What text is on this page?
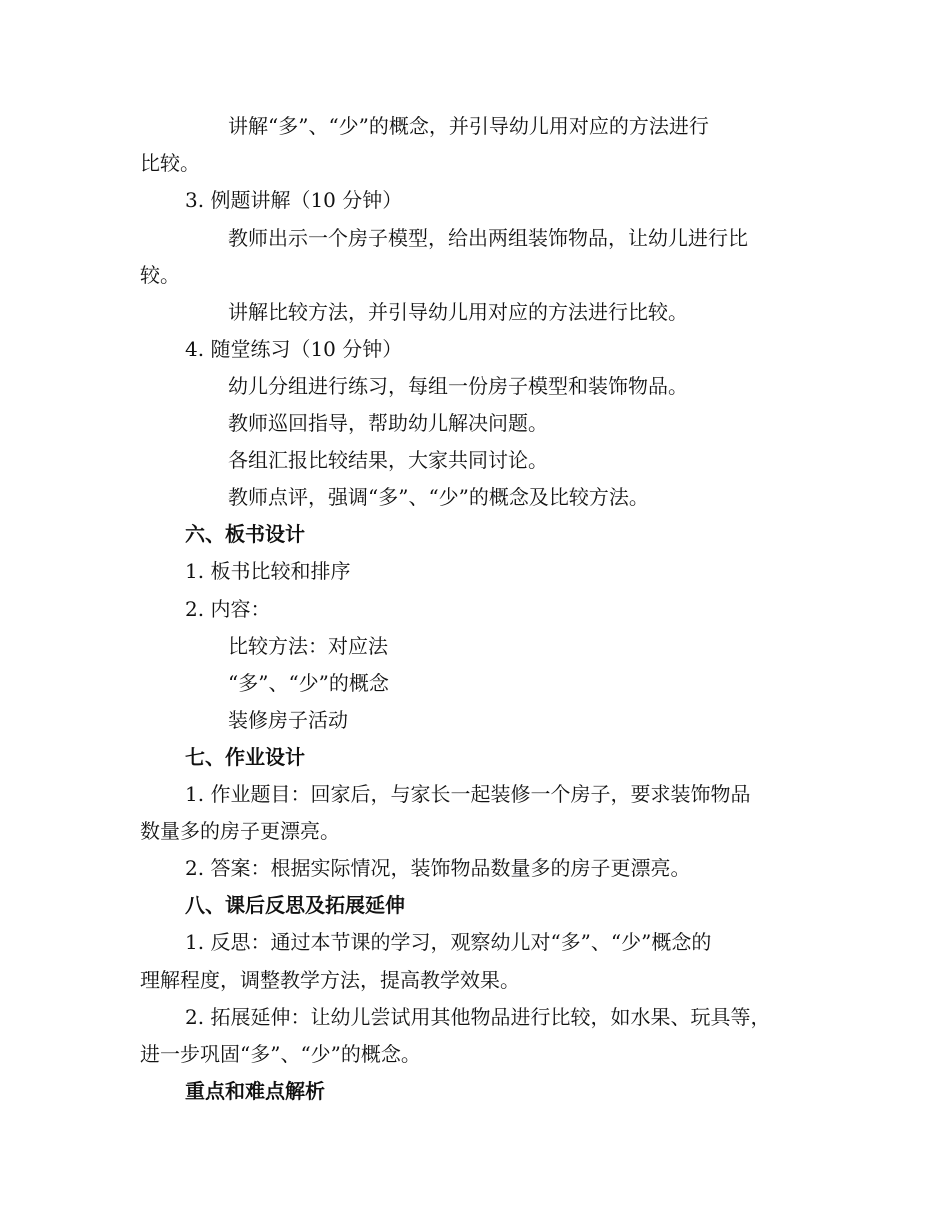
讲解“多”、“少”的概念，并引导幼儿用对应的方法进行
比较。
3. 例题讲解（10 分钟）
教师出示一个房子模型，给出两组装饰物品，让幼儿进行比
较。
讲解比较方法，并引导幼儿用对应的方法进行比较。
4. 随堂练习（10 分钟）
幼儿分组进行练习，每组一份房子模型和装饰物品。
教师巡回指导，帮助幼儿解决问题。
各组汇报比较结果，大家共同讨论。
教师点评，强调“多”、“少”的概念及比较方法。
六、板书设计
1. 板书比较和排序
2. 内容：
比较方法：对应法
“多”、“少”的概念
装修房子活动
七、作业设计
1. 作业题目：回家后，与家长一起装修一个房子，要求装饰物品
数量多的房子更漂亮。
2. 答案：根据实际情况，装饰物品数量多的房子更漂亮。
八、课后反思及拓展延伸
1. 反思：通过本节课的学习，观察幼儿对“多”、“少”概念的
理解程度，调整教学方法，提高教学效果。
2. 拓展延伸：让幼儿尝试用其他物品进行比较，如水果、玩具等，
进一步巩固“多”、“少”的概念。
重点和难点解析
